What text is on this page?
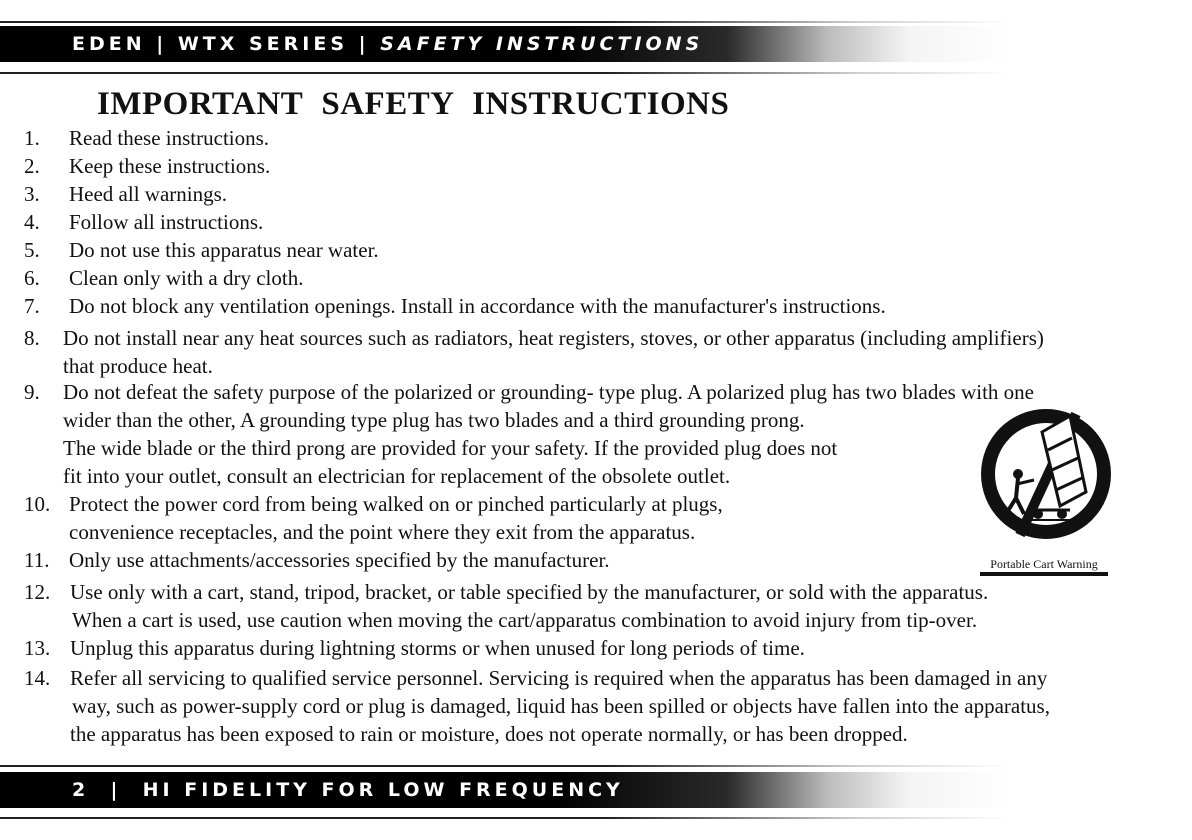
EDEN | WTX SERIES | SAFETY INSTRUCTIONS
IMPORTANT SAFETY INSTRUCTIONS
1. Read these instructions.
2. Keep these instructions.
3. Heed all warnings.
4. Follow all instructions.
5. Do not use this apparatus near water.
6. Clean only with a dry cloth.
7. Do not block any ventilation openings. Install in accordance with the manufacturer's instructions.
8. Do not install near any heat sources such as radiators, heat registers, stoves, or other apparatus (including amplifiers)
that produce heat.
9. Do not defeat the safety purpose of the polarized or grounding- type plug. A polarized plug has two blades with one
wider than the other, A grounding type plug has two blades and a third grounding prong.
The wide blade or the third prong are provided for your safety. If the provided plug does not
fit into your outlet, consult an electrician for replacement of the obsolete outlet.
10. Protect the power cord from being walked on or pinched particularly at plugs,
convenience receptacles, and the point where they exit from the apparatus.
11. Only use attachments/accessories specified by the manufacturer.
12. Use only with a cart, stand, tripod, bracket, or table specified by the manufacturer, or sold with the apparatus.
When a cart is used, use caution when moving the cart/apparatus combination to avoid injury from tip-over.
13. Unplug this apparatus during lightning storms or when unused for long periods of time.
14. Refer all servicing to qualified service personnel. Servicing is required when the apparatus has been damaged in any
way, such as power-supply cord or plug is damaged, liquid has been spilled or objects have fallen into the apparatus,
the apparatus has been exposed to rain or moisture, does not operate normally, or has been dropped.
Portable Cart Warning
2  |  HI FIDELITY FOR LOW FREQUENCY
